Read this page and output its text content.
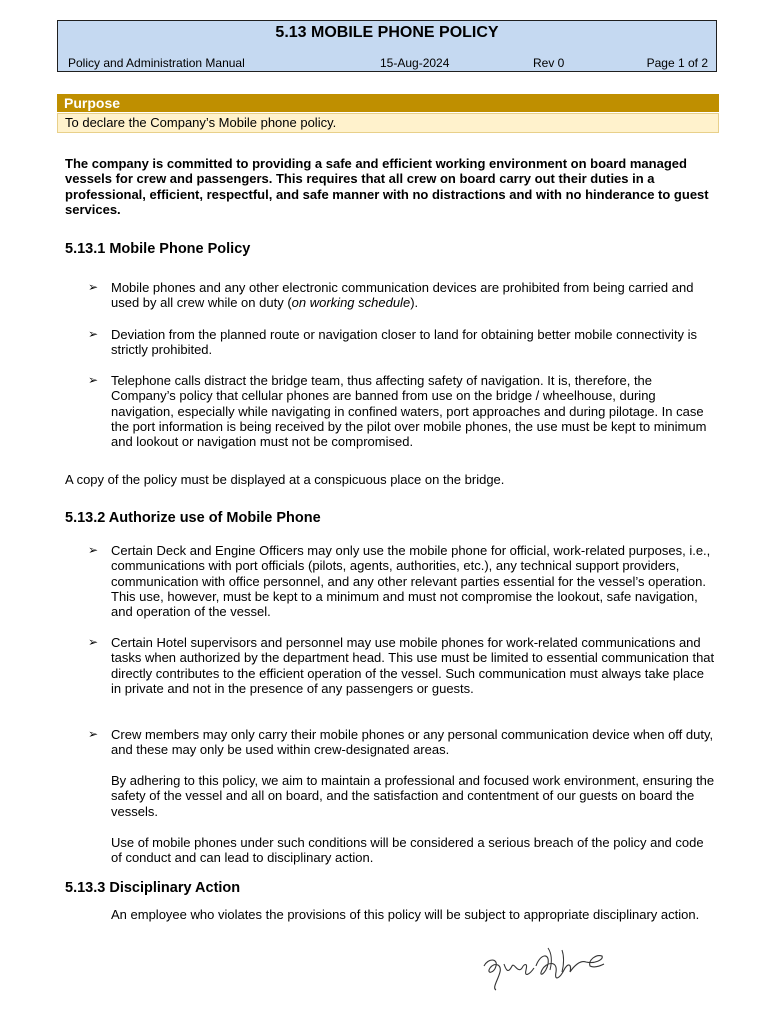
5.13 MOBILE PHONE POLICY
Policy and Administration Manual	15-Aug-2024	Rev 0	Page 1 of 2
Purpose
To declare the Company’s Mobile phone policy.
The company is committed to providing a safe and efficient working environment on board managed vessels for crew and passengers. This requires that all crew on board carry out their duties in a professional, efficient, respectful, and safe manner with no distractions and with no hinderance to guest services.
5.13.1 Mobile Phone Policy
➢ Mobile phones and any other electronic communication devices are prohibited from being carried and used by all crew while on duty (on working schedule).
➢ Deviation from the planned route or navigation closer to land for obtaining better mobile connectivity is strictly prohibited.
➢ Telephone calls distract the bridge team, thus affecting safety of navigation. It is, therefore, the Company’s policy that cellular phones are banned from use on the bridge / wheelhouse, during navigation, especially while navigating in confined waters, port approaches and during pilotage. In case the port information is being received by the pilot over mobile phones, the use must be kept to minimum and lookout or navigation must not be compromised.
A copy of the policy must be displayed at a conspicuous place on the bridge.
5.13.2 Authorize use of Mobile Phone
➢ Certain Deck and Engine Officers may only use the mobile phone for official, work-related purposes, i.e., communications with port officials (pilots, agents, authorities, etc.), any technical support providers, communication with office personnel, and any other relevant parties essential for the vessel’s operation. This use, however, must be kept to a minimum and must not compromise the lookout, safe navigation, and operation of the vessel.
➢ Certain Hotel supervisors and personnel may use mobile phones for work-related communications and tasks when authorized by the department head. This use must be limited to essential communication that directly contributes to the efficient operation of the vessel. Such communication must always take place in private and not in the presence of any passengers or guests.
➢ Crew members may only carry their mobile phones or any personal communication device when off duty, and these may only be used within crew-designated areas.
By adhering to this policy, we aim to maintain a professional and focused work environment, ensuring the safety of the vessel and all on board, and the satisfaction and contentment of our guests on board the vessels.
Use of mobile phones under such conditions will be considered a serious breach of the policy and code of conduct and can lead to disciplinary action.
5.13.3 Disciplinary Action
An employee who violates the provisions of this policy will be subject to appropriate disciplinary action.
